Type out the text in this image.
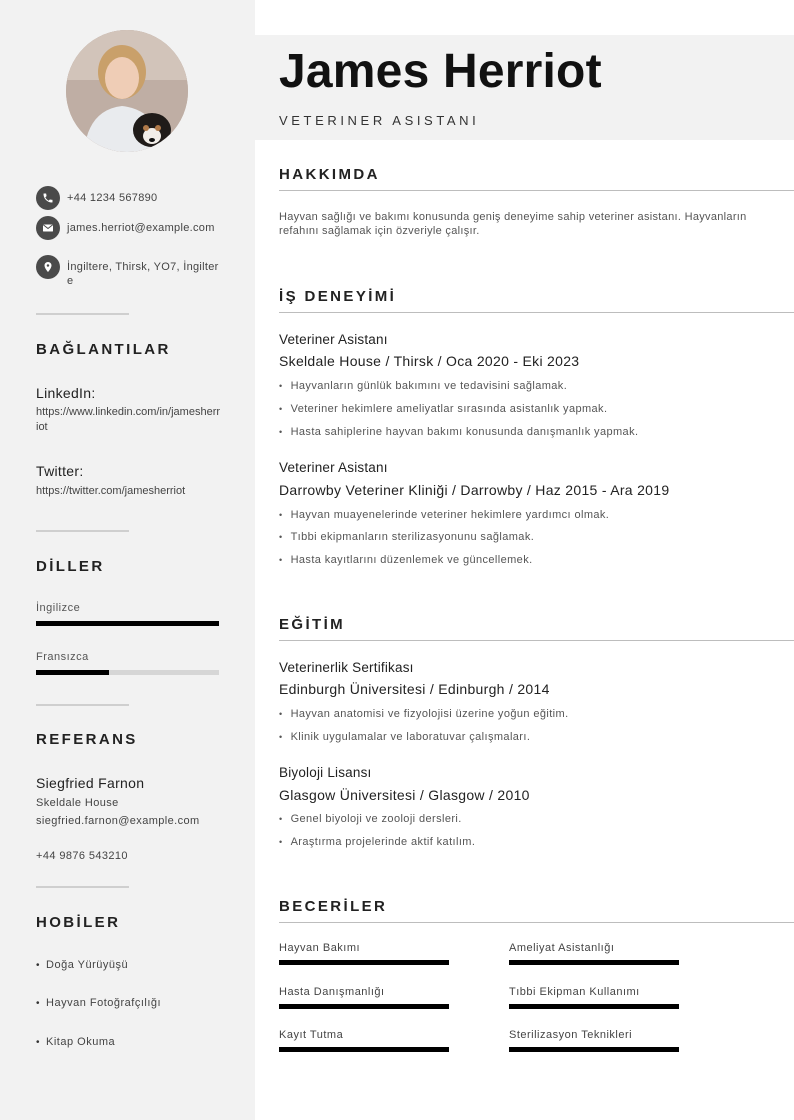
+44 1234 567890
james.herriot@example.com
İngiltere, Thirsk, YO7, İngiltere
BAĞLANTILAR
LinkedIn:
https://www.linkedin.com/in/jamesherriot
Twitter:
https://twitter.com/jamesherriot
DİLLER
İngilizce
Fransızca
REFERANS
Siegfried Farnon
Skeldale House
siegfried.farnon@example.com
+44 9876 543210
HOBİLER
• Doğa Yürüyüşü
• Hayvan Fotoğrafçılığı
• Kitap Okuma
James Herriot
VETERINER ASISTANI
HAKKIMDA
Hayvan sağlığı ve bakımı konusunda geniş deneyime sahip veteriner asistanı. Hayvanların refahını sağlamak için özveriyle çalışır.
İŞ DENEYİMİ
Veteriner Asistanı
Skeldale House / Thirsk / Oca 2020 - Eki 2023
• Hayvanların günlük bakımını ve tedavisini sağlamak.
• Veteriner hekimlere ameliyatlar sırasında asistanlık yapmak.
• Hasta sahiplerine hayvan bakımı konusunda danışmanlık yapmak.
Veteriner Asistanı
Darrowby Veteriner Kliniği / Darrowby / Haz 2015 - Ara 2019
• Hayvan muayenelerinde veteriner hekimlere yardımcı olmak.
• Tıbbi ekipmanların sterilizasyonunu sağlamak.
• Hasta kayıtlarını düzenlemek ve güncellemek.
EĞİTİM
Veterinerlik Sertifikası
Edinburgh Üniversitesi / Edinburgh / 2014
• Hayvan anatomisi ve fizyolojisi üzerine yoğun eğitim.
• Klinik uygulamalar ve laboratuvar çalışmaları.
Biyoloji Lisansı
Glasgow Üniversitesi / Glasgow / 2010
• Genel biyoloji ve zooloji dersleri.
• Araştırma projelerinde aktif katılım.
BECERİLER
Hayvan Bakımı	Ameliyat Asistanlığı
Hasta Danışmanlığı	Tıbbi Ekipman Kullanımı
Kayıt Tutma	Sterilizasyon Teknikleri
